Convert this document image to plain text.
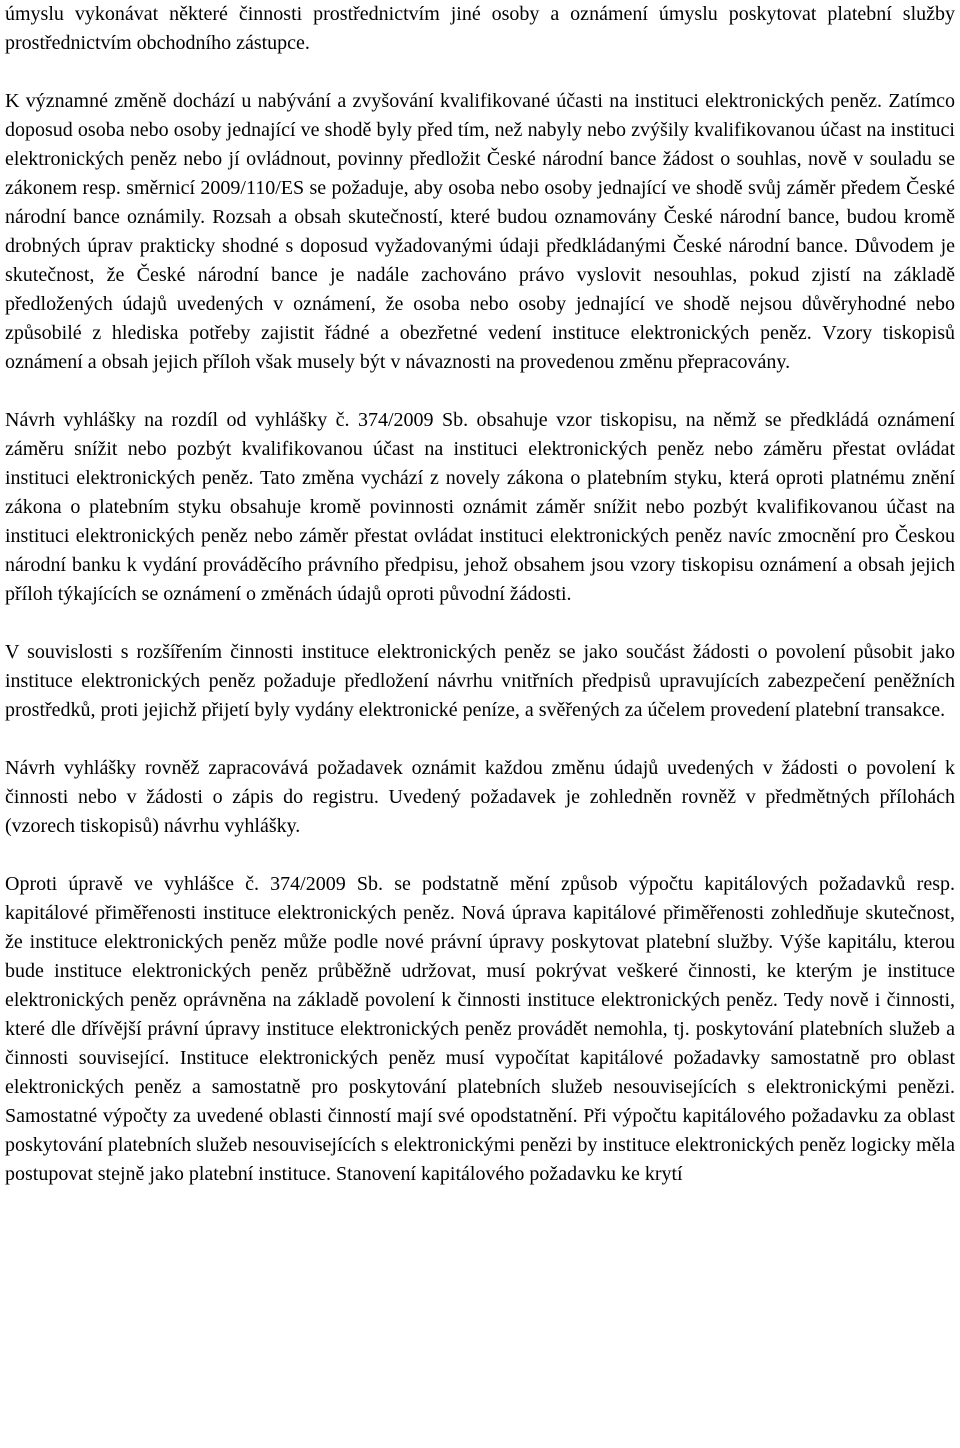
úmyslu vykonávat některé činnosti prostřednictvím jiné osoby a oznámení úmyslu poskytovat platební služby prostřednictvím obchodního zástupce.

K významné změně dochází u nabývání a zvyšování kvalifikované účasti na instituci elektronických peněz. Zatímco doposud osoba nebo osoby jednající ve shodě byly před tím, než nabyly nebo zvýšily kvalifikovanou účast na instituci elektronických peněz nebo jí ovládnout, povinny předložit České národní bance žádost o souhlas, nově v souladu se zákonem resp. směrnicí 2009/110/ES se požaduje, aby osoba nebo osoby jednající ve shodě svůj záměr předem České národní bance oznámily. Rozsah a obsah skutečností, které budou oznamovány České národní bance, budou kromě drobných úprav prakticky shodné s doposud vyžadovanými údaji předkládanými České národní bance. Důvodem je skutečnost, že České národní bance je nadále zachováno právo vyslovit nesouhlas, pokud zjistí na základě předložených údajů uvedených v oznámení, že osoba nebo osoby jednající ve shodě nejsou důvěryhodné nebo způsobilé z hlediska potřeby zajistit řádné a obezřetné vedení instituce elektronických peněz. Vzory tiskopisů oznámení a obsah jejich příloh však musely být v návaznosti na provedenou změnu přepracovány.

Návrh vyhlášky na rozdíl od vyhlášky č. 374/2009 Sb. obsahuje vzor tiskopisu, na němž se předkládá oznámení záměru snížit nebo pozbýt kvalifikovanou účast na instituci elektronických peněz nebo záměru přestat ovládat instituci elektronických peněz. Tato změna vychází z novely zákona o platebním styku, která oproti platnému znění zákona o platebním styku obsahuje kromě povinnosti oznámit záměr snížit nebo pozbýt kvalifikovanou účast na instituci elektronických peněz nebo záměr přestat ovládat instituci elektronických peněz navíc zmocnění pro Českou národní banku k vydání prováděcího právního předpisu, jehož obsahem jsou vzory tiskopisu oznámení a obsah jejich příloh týkajících se oznámení o změnách údajů oproti původní žádosti.

V souvislosti s rozšířením činnosti instituce elektronických peněz se jako součást žádosti o povolení působit jako instituce elektronických peněz požaduje předložení návrhu vnitřních předpisů upravujících zabezpečení peněžních prostředků, proti jejichž přijetí byly vydány elektronické peníze, a svěřených za účelem provedení platební transakce.

Návrh vyhlášky rovněž zapracovává požadavek oznámit každou změnu údajů uvedených v žádosti o povolení k činnosti nebo v žádosti o zápis do registru. Uvedený požadavek je zohledněn rovněž v předmětných přílohách (vzorech tiskopisů) návrhu vyhlášky.

Oproti úpravě ve vyhlášce č. 374/2009 Sb. se podstatně mění způsob výpočtu kapitálových požadavků resp. kapitálové přiměřenosti instituce elektronických peněz. Nová úprava kapitálové přiměřenosti zohledňuje skutečnost, že instituce elektronických peněz může podle nové právní úpravy poskytovat platební služby. Výše kapitálu, kterou bude instituce elektronických peněz průběžně udržovat, musí pokrývat veškeré činnosti, ke kterým je instituce elektronických peněz oprávněna na základě povolení k činnosti instituce elektronických peněz. Tedy nově i činnosti, které dle dřívější právní úpravy instituce elektronických peněz provádět nemohla, tj. poskytování platebních služeb a činnosti související. Instituce elektronických peněz musí vypočítat kapitálové požadavky samostatně pro oblast elektronických peněz a samostatně pro poskytování platebních služeb nesouvisejících s elektronickými penězi. Samostatné výpočty za uvedené oblasti činností mají své opodstatnění. Při výpočtu kapitálového požadavku za oblast poskytování platebních služeb nesouvisejících s elektronickými penězi by instituce elektronických peněz logicky měla postupovat stejně jako platební instituce. Stanovení kapitálového požadavku ke krytí
